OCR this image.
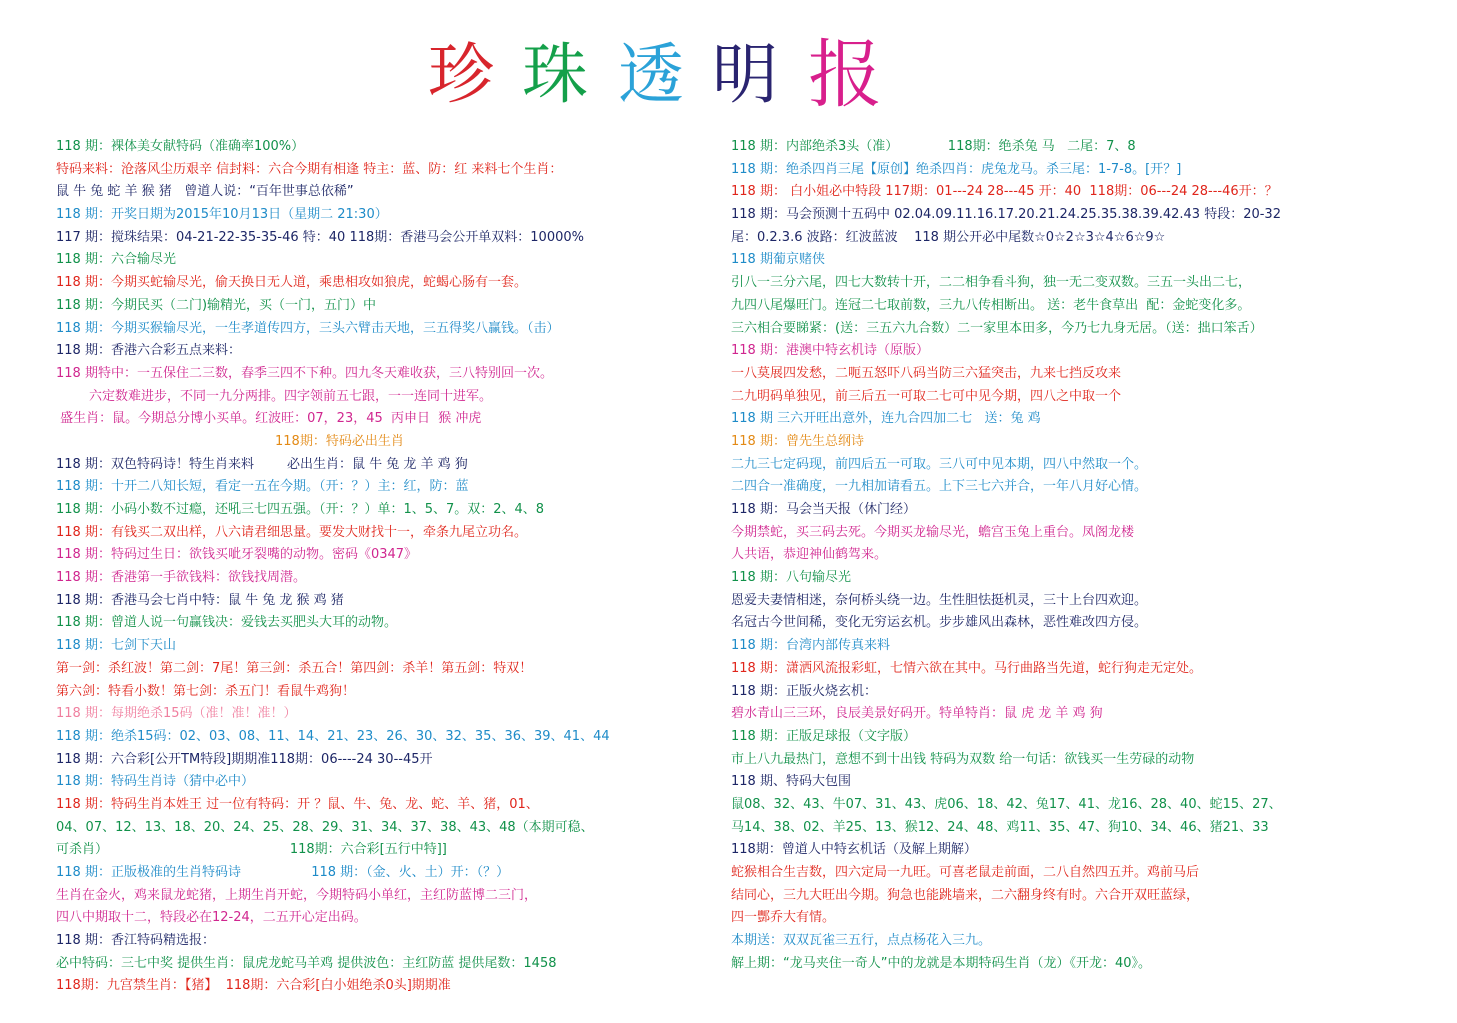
珍 珠 透 明 报
118 期：裸体美女献特码（准确率100%）
特码来料：沧落风尘历艰辛 信封料：六合今期有相逢 特主：蓝、防：红 来料七个生肖：
鼠 牛 兔 蛇 羊 猴 猪   曾道人说：“百年世事总依稀”
118 期：开奖日期为2015年10月13日（星期二 21:30）
117 期：搅珠结果：04-21-22-35-35-46 特：40 118期：香港马会公开单双料：10000%
118 期：六合输尽光
118 期：今期买蛇输尽光，偷天换日无人道，乘患相攻如狼虎，蛇蝎心肠有一套。
118 期：今期民买（二门)输精光，买（一门，五门）中
118 期：今期买猴输尽光，一生孝道传四方，三头六臂击天地，三五得奖八赢钱。（击）
118 期：香港六合彩五点来料：
118 期特中：一五保住二三数，春季三四不下种。四九冬天难收获，三八特别回一次。
六定数难进步，不同一九分两排。四字领前五七跟，一一连同十进军。
盛生肖：鼠。今期总分博小买单。红波旺：07，23，45  丙申日  猴 冲虎
118期：特码必出生肖
118 期：双色特码诗！特生肖来料        必出生肖：鼠 牛 兔 龙 羊 鸡 狗
118 期：十开二八知长短，看定一五在今期。（开：？）主：红，防：蓝
118 期：小码小数不过瘾，还吼三七四五强。（开：？）单：1、5、7。双：2、4、8
118 期：有钱买二双出样，八六请君细思量。要发大财找十一，牵条九尾立功名。
118 期：特码过生日：欲钱买呲牙裂嘴的动物。密码《0347》
118 期：香港第一手欲钱料：欲钱找周潜。
118 期：香港马会七肖中特：鼠 牛 兔 龙 猴 鸡 猪
118 期：曾道人说一句赢钱决：爱钱去买肥头大耳的动物。
118 期：七剑下天山
第一剑：杀红波！第二剑：7尾！第三剑：杀五合！第四剑：杀羊！第五剑：特双！
第六剑：特看小数！第七剑：杀五门！看鼠牛鸡狗！
118 期：每期绝杀15码（准！准！准！）
118 期：绝杀15码：02、03、08、11、14、21、23、26、30、32、35、36、39、41、44
118 期：六合彩[公开TM特段]期期准118期：06----24 30--45开
118 期：特码生肖诗（猜中必中）
118 期：特码生肖本姓王 过一位有特码：开 ？鼠、牛、兔、龙、蛇、羊、猪，01、
04、07、12、13、18、20、24、25、28、29、31、34、37、38、43、48（本期可稳、
可杀肖）                                            118期：六合彩[五行中特]]
118 期：正版极准的生肖特码诗                 118 期：（金、火、土）开：（？）
生肖在金火，鸡来鼠龙蛇猪，上期生肖开蛇，今期特码小单红，主红防蓝博二三门，
四八中期取十二，特段必在12-24，二五开心定出码。
118 期：香江特码精选报：
必中特码：三七中奖 提供生肖：鼠虎龙蛇马羊鸡 提供波色：主红防蓝 提供尾数：1458
118期：九宫禁生肖：【猪】  118期：六合彩[白小姐绝杀0头]期期准
118 期：内部绝杀3头（准）            118期：绝杀兔 马   二尾：7、8
118 期：绝杀四肖三尾【原创】绝杀四肖：虎兔龙马。杀三尾：1-7-8。[开？]
118 期： 白小姐必中特段 117期：01---24 28---45 开：40  118期：06---24 28---46开：？
118 期：马会预测十五码中 02.04.09.11.16.17.20.21.24.25.35.38.39.42.43 特段：20-32
尾：0.2.3.6 波路：红波蓝波    118 期公开必中尾数☆0☆2☆3☆4☆6☆9☆
118 期葡京赌侠
引八一三分六尾，四七大数转十开，二二相争看斗狗，独一无二变双数。三五一头出二七，
九四八尾爆旺门。连冠二七取前数，三九八传相断出。 送：老牛食草出  配：金蛇变化多。
三六相合要睇紧：(送：三五六九合数）二一家里本田多，今乃七九身无居。（送：拙口笨舌）
118 期：港澳中特玄机诗（原版）
一八莫展四发愁，二呃五怒吓八码当防三六猛突击，九来七挡反攻来
二九明码单独见，前三后五一可取二七可中见今期，四八之中取一个
118 期 三六开旺出意外，连九合四加二七   送：兔 鸡
118 期：曾先生总纲诗
二九三七定码现，前四后五一可取。三八可中见本期，四八中然取一个。
二四合一准确度，一九相加请看五。上下三七六并合，一年八月好心情。
118 期：马会当天报（休门经）
今期禁蛇，买三码去死。今期买龙输尽光，蟾宫玉兔上重台。凤阁龙楼
人共语，恭迎神仙鹤驾来。
118 期：八句输尽光
恩爱夫妻情相迷，奈何桥头绕一边。生性胆怯挺机灵，三十上台四欢迎。
名冠古今世间稀，变化无穷运玄机。步步雄风出森林，恶性难改四方侵。
118 期：台湾内部传真来料
118 期：潇洒风流报彩虹，七情六欲在其中。马行曲路当先道，蛇行狗走无定处。
118 期：正版火烧玄机：
碧水青山三三环，良辰美景好码开。特单特肖：鼠 虎 龙 羊 鸡 狗
118 期：正版足球报（文字版）
市上八九最热门，意想不到十出钱 特码为双数 给一句话：欲钱买一生劳碌的动物
118 期、特码大包围
鼠08、32、43、牛07、31、43、虎06、18、42、兔17、41、龙16、28、40、蛇15、27、
马14、38、02、羊25、13、猴12、24、48、鸡11、35、47、狗10、34、46、猪21、33
118期：曾道人中特玄机话（及解上期解）
蛇猴相合生吉数，四六定局一九旺。可喜老鼠走前面，二八自然四五并。鸡前马后
结同心，三九大旺出今期。狗急也能跳墙来，二六翻身终有时。六合开双旺蓝绿，
四一酆乔大有情。
本期送：双双瓦雀三五行，点点杨花入三九。
解上期：“龙马夹住一奇人”中的龙就是本期特码生肖（龙）《开龙：40》。
